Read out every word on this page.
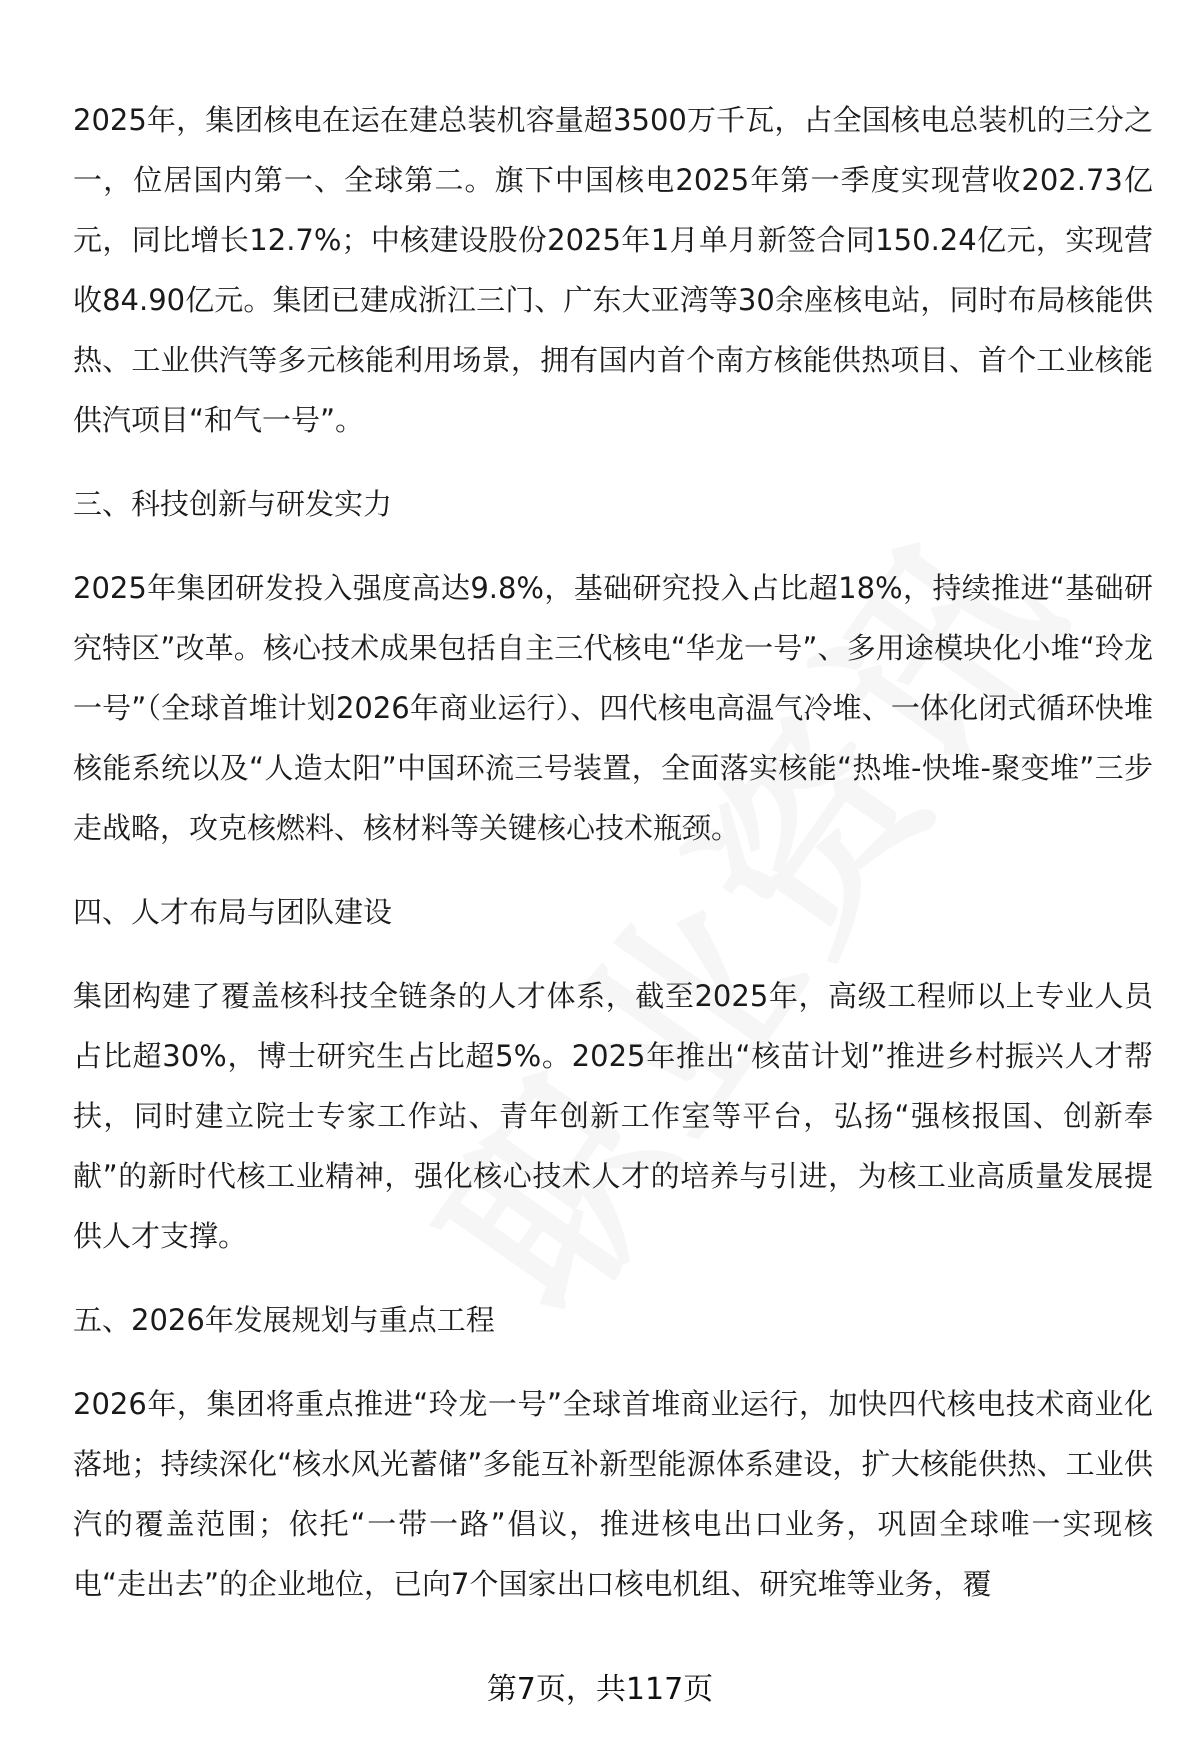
2025年，集团核电在运在建总装机容量超3500万千瓦，占全国核电总装机的三分之一，位居国内第一、全球第二。旗下中国核电2025年第一季度实现营收202.73亿元，同比增长12.7%；中核建设股份2025年1月单月新签合同150.24亿元，实现营收84.90亿元。集团已建成浙江三门、广东大亚湾等30余座核电站，同时布局核能供热、工业供汽等多元核能利用场景，拥有国内首个南方核能供热项目、首个工业核能供汽项目“和气一号”。

三、科技创新与研发实力

2025年集团研发投入强度高达9.8%，基础研究投入占比超18%，持续推进“基础研究特区”改革。核心技术成果包括自主三代核电“华龙一号”、多用途模块化小堆“玲龙一号”（全球首堆计划2026年商业运行）、四代核电高温气冷堆、一体化闭式循环快堆核能系统以及“人造太阳”中国环流三号装置，全面落实核能“热堆-快堆-聚变堆”三步走战略，攻克核燃料、核材料等关键核心技术瓶颈。

四、人才布局与团队建设

集团构建了覆盖核科技全链条的人才体系，截至2025年，高级工程师以上专业人员占比超30%，博士研究生占比超5%。2025年推出“核苗计划”推进乡村振兴人才帮扶，同时建立院士专家工作站、青年创新工作室等平台，弘扬“强核报国、创新奉献”的新时代核工业精神，强化核心技术人才的培养与引进，为核工业高质量发展提供人才支撑。

五、2026年发展规划与重点工程

2026年，集团将重点推进“玲龙一号”全球首堆商业运行，加快四代核电技术商业化落地；持续深化“核水风光蓄储”多能互补新型能源体系建设，扩大核能供热、工业供汽的覆盖范围；依托“一带一路”倡议，推进核电出口业务，巩固全球唯一实现核电“走出去”的企业地位，已向7个国家出口核电机组、研究堆等业务，覆

第7页，共117页
